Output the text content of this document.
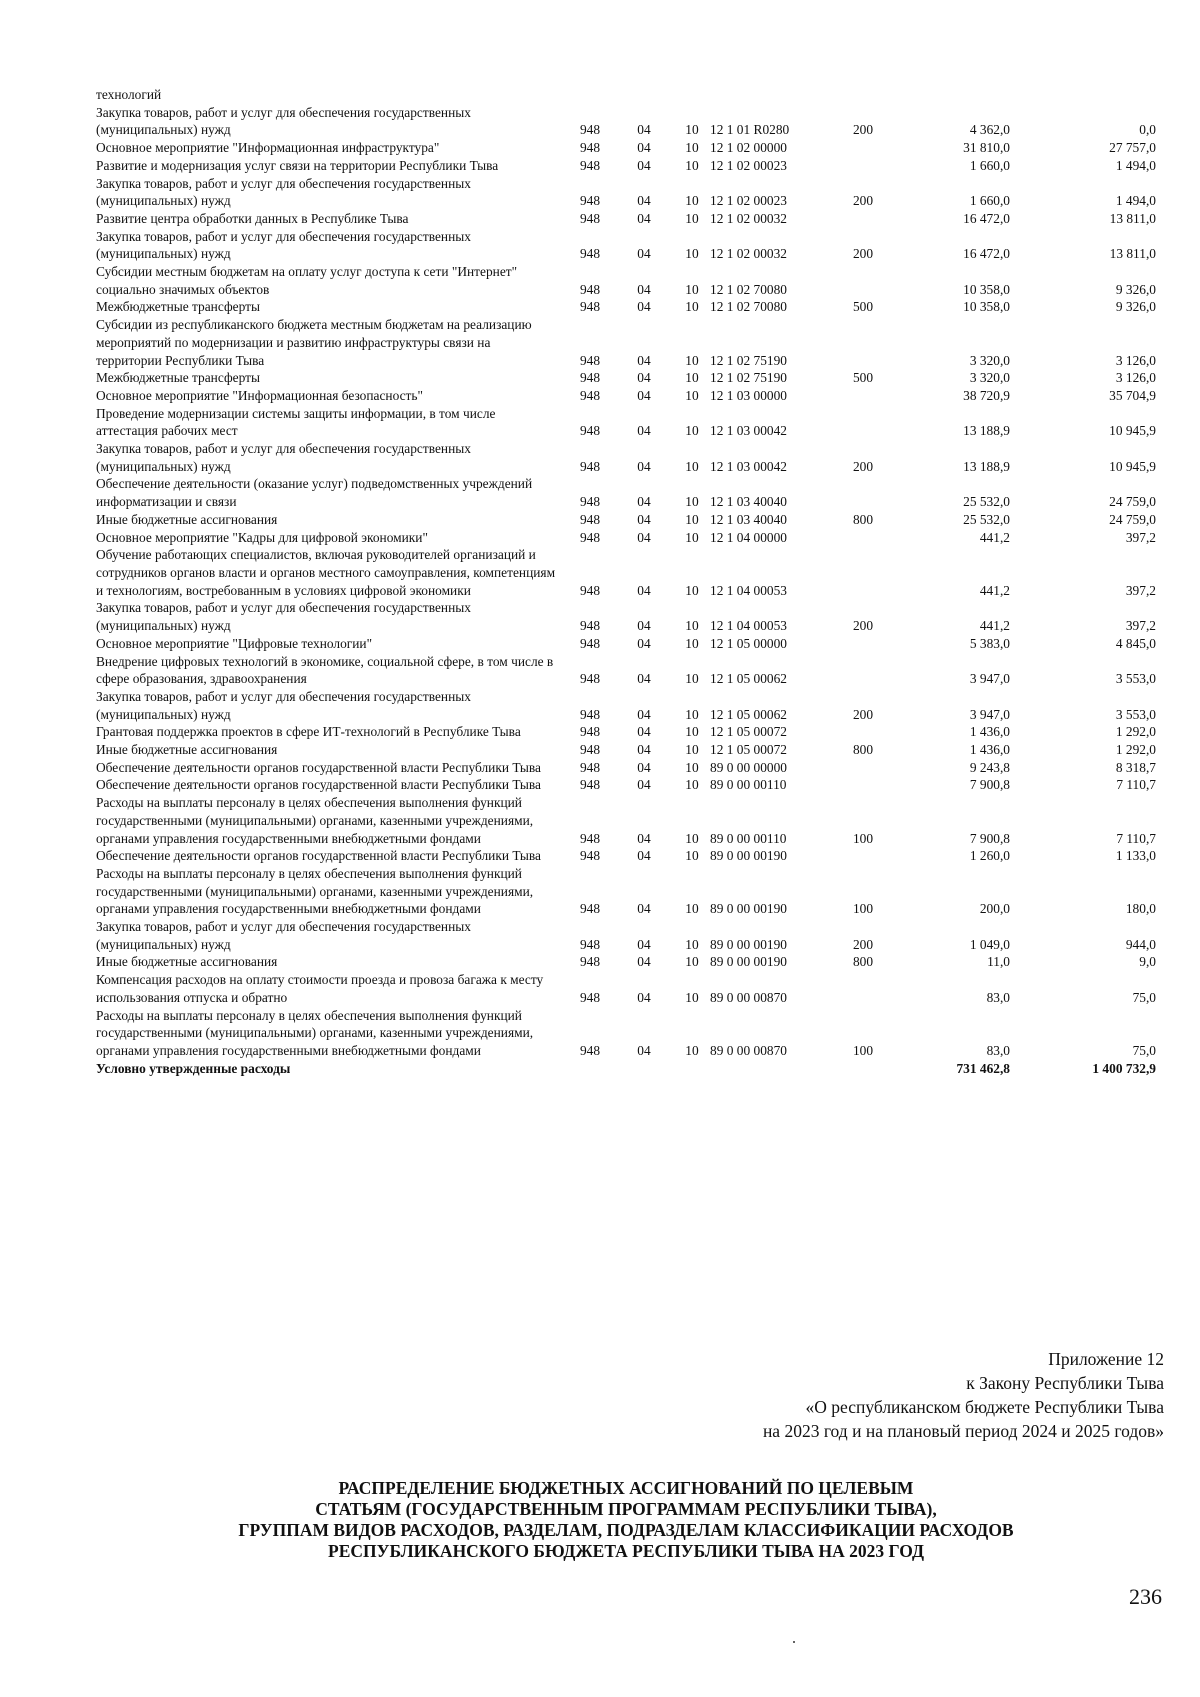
технологий							
Закупка товаров, работ и услуг для обеспечения государственных (муниципальных) нужд	948	04	10	12 1 01 R0280	200	4 362,0	0,0
Основное мероприятие "Информационная инфраструктура"	948	04	10	12 1 02 00000		31 810,0	27 757,0
Развитие и модернизация услуг связи на территории Республики Тыва	948	04	10	12 1 02 00023		1 660,0	1 494,0
Закупка товаров, работ и услуг для обеспечения государственных (муниципальных) нужд	948	04	10	12 1 02 00023	200	1 660,0	1 494,0
Развитие центра обработки данных в Республике Тыва	948	04	10	12 1 02 00032		16 472,0	13 811,0
Закупка товаров, работ и услуг для обеспечения государственных (муниципальных) нужд	948	04	10	12 1 02 00032	200	16 472,0	13 811,0
Субсидии местным бюджетам на оплату услуг доступа к сети "Интернет" социально значимых объектов	948	04	10	12 1 02 70080		10 358,0	9 326,0
Межбюджетные трансферты	948	04	10	12 1 02 70080	500	10 358,0	9 326,0
Субсидии из республиканского бюджета местным бюджетам на реализацию мероприятий по модернизации и развитию инфраструктуры связи на территории Республики Тыва	948	04	10	12 1 02 75190		3 320,0	3 126,0
Межбюджетные трансферты	948	04	10	12 1 02 75190	500	3 320,0	3 126,0
Основное мероприятие "Информационная безопасность"	948	04	10	12 1 03 00000		38 720,9	35 704,9
Проведение модернизации системы защиты информации, в том числе аттестация рабочих мест	948	04	10	12 1 03 00042		13 188,9	10 945,9
Закупка товаров, работ и услуг для обеспечения государственных (муниципальных) нужд	948	04	10	12 1 03 00042	200	13 188,9	10 945,9
Обеспечение деятельности (оказание услуг) подведомственных учреждений информатизации и связи	948	04	10	12 1 03 40040		25 532,0	24 759,0
Иные бюджетные ассигнования	948	04	10	12 1 03 40040	800	25 532,0	24 759,0
Основное мероприятие "Кадры для цифровой экономики"	948	04	10	12 1 04 00000		441,2	397,2
Обучение работающих специалистов, включая руководителей организаций и сотрудников органов власти и органов местного самоуправления, компетенциям и технологиям, востребованным в условиях цифровой экономики	948	04	10	12 1 04 00053		441,2	397,2
Закупка товаров, работ и услуг для обеспечения государственных (муниципальных) нужд	948	04	10	12 1 04 00053	200	441,2	397,2
Основное мероприятие "Цифровые технологии"	948	04	10	12 1 05 00000		5 383,0	4 845,0
Внедрение цифровых технологий в экономике, социальной сфере, в том числе в сфере образования, здравоохранения	948	04	10	12 1 05 00062		3 947,0	3 553,0
Закупка товаров, работ и услуг для обеспечения государственных (муниципальных) нужд	948	04	10	12 1 05 00062	200	3 947,0	3 553,0
Грантовая поддержка проектов в сфере ИТ-технологий в Республике Тыва	948	04	10	12 1 05 00072		1 436,0	1 292,0
Иные бюджетные ассигнования	948	04	10	12 1 05 00072	800	1 436,0	1 292,0
Обеспечение деятельности органов государственной власти Республики Тыва	948	04	10	89 0 00 00000		9 243,8	8 318,7
Обеспечение деятельности органов государственной власти Республики Тыва	948	04	10	89 0 00 00110		7 900,8	7 110,7
Расходы на выплаты персоналу в целях обеспечения выполнения функций государственными (муниципальными) органами, казенными учреждениями, органами управления государственными внебюджетными фондами	948	04	10	89 0 00 00110	100	7 900,8	7 110,7
Обеспечение деятельности органов государственной власти Республики Тыва	948	04	10	89 0 00 00190		1 260,0	1 133,0
Расходы на выплаты персоналу в целях обеспечения выполнения функций государственными (муниципальными) органами, казенными учреждениями, органами управления государственными внебюджетными фондами	948	04	10	89 0 00 00190	100	200,0	180,0
Закупка товаров, работ и услуг для обеспечения государственных (муниципальных) нужд	948	04	10	89 0 00 00190	200	1 049,0	944,0
Иные бюджетные ассигнования	948	04	10	89 0 00 00190	800	11,0	9,0
Компенсация расходов на оплату стоимости проезда и провоза багажа к месту использования отпуска и обратно	948	04	10	89 0 00 00870		83,0	75,0
Расходы на выплаты персоналу в целях обеспечения выполнения функций государственными (муниципальными) органами, казенными учреждениями, органами управления государственными внебюджетными фондами	948	04	10	89 0 00 00870	100	83,0	75,0
Условно утвержденные расходы						731 462,8	1 400 732,9
Приложение 12
к Закону Республики Тыва
«О республиканском бюджете Республики Тыва
на 2023 год и на плановый период 2024 и 2025 годов»
РАСПРЕДЕЛЕНИЕ БЮДЖЕТНЫХ АССИГНОВАНИЙ ПО ЦЕЛЕВЫМ
СТАТЬЯМ (ГОСУДАРСТВЕННЫМ ПРОГРАММАМ РЕСПУБЛИКИ ТЫВА),
ГРУППАМ ВИДОВ РАСХОДОВ, РАЗДЕЛАМ, ПОДРАЗДЕЛАМ КЛАССИФИКАЦИИ РАСХОДОВ
РЕСПУБЛИКАНСКОГО БЮДЖЕТА РЕСПУБЛИКИ ТЫВА НА 2023 ГОД
236
